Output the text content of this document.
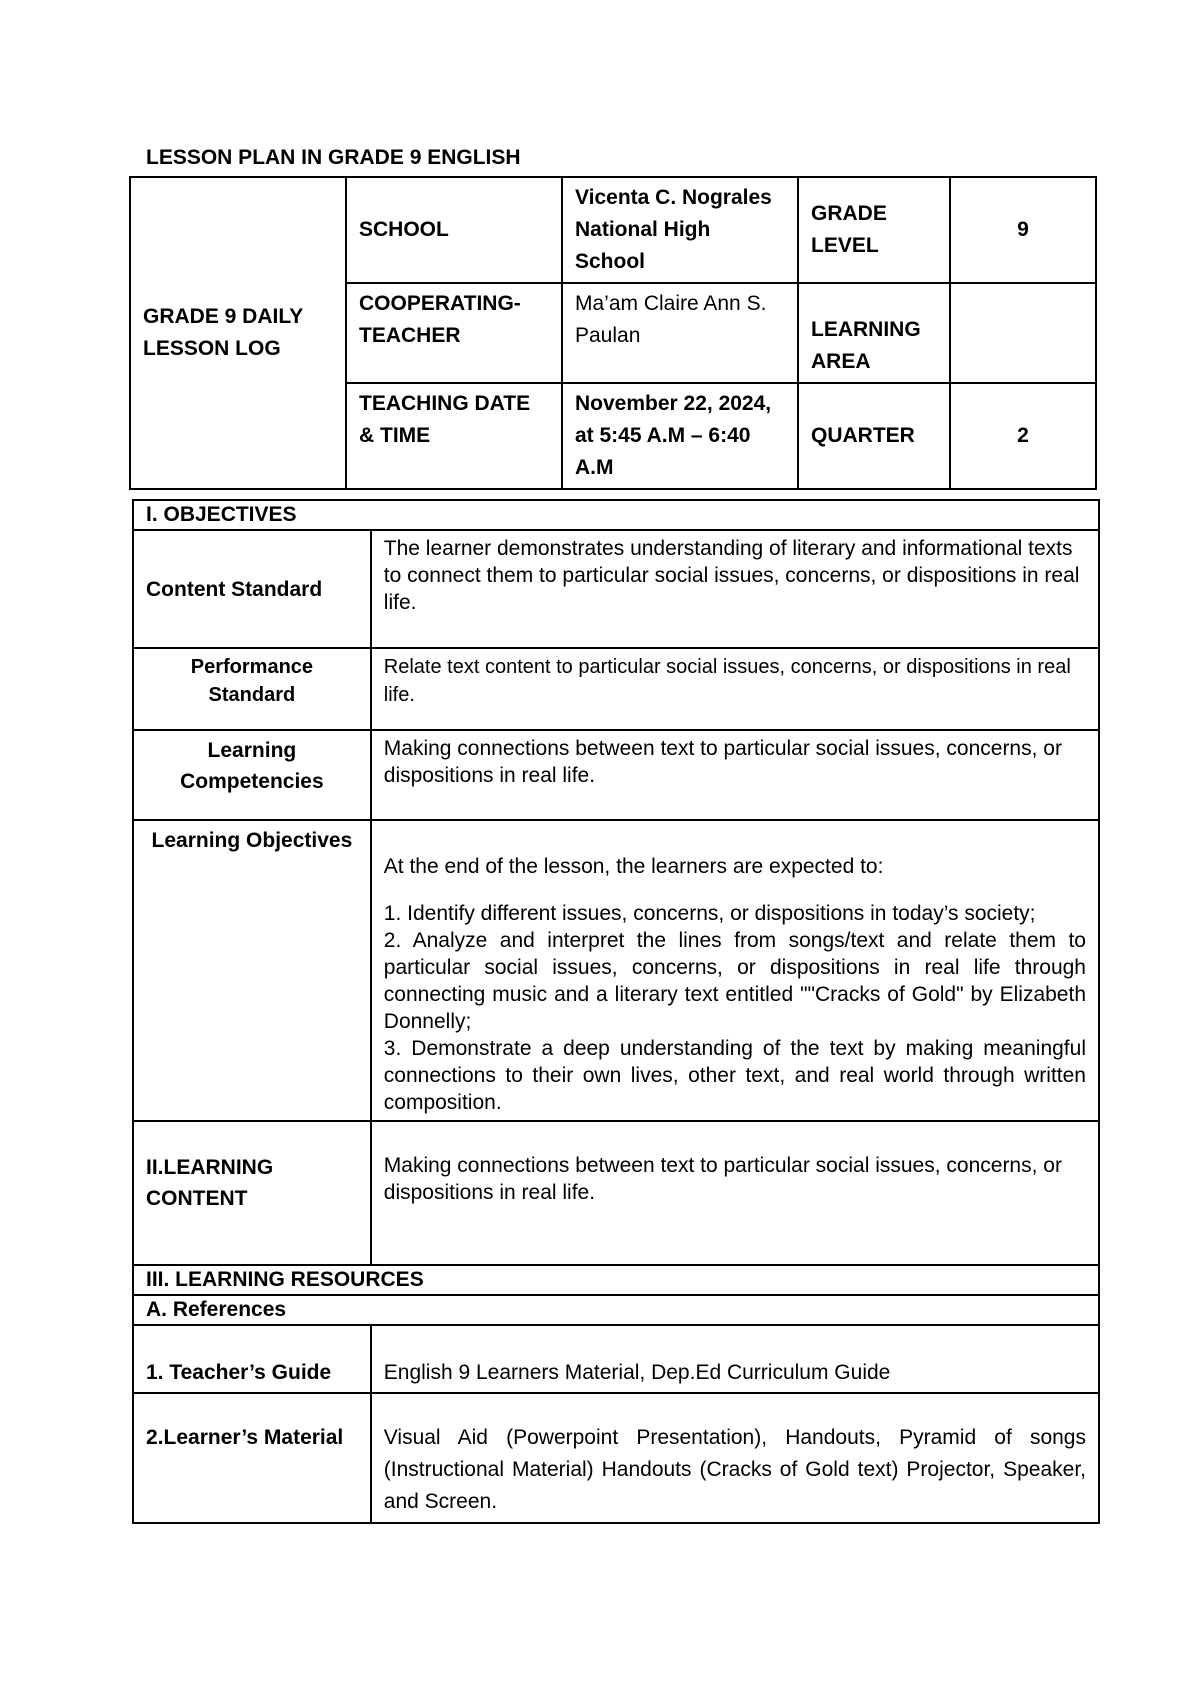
LESSON PLAN IN GRADE 9 ENGLISH
GRADE 9 DAILY LESSON LOG	SCHOOL	Vicenta C. Nograles National High School	GRADE LEVEL	9
	COOPERATING-TEACHER	Ma’am Claire Ann S. Paulan	LEARNING AREA	
	TEACHING DATE & TIME	November 22, 2024, at 5:45 A.M – 6:40 A.M	QUARTER	2
I. OBJECTIVES	
Content Standard	The learner demonstrates understanding of literary and informational texts to connect them to particular social issues, concerns, or dispositions in real life.
Performance Standard	Relate text content to particular social issues, concerns, or dispositions in real life.
Learning Competencies	Making connections between text to particular social issues, concerns, or dispositions in real life.
Learning Objectives	At the end of the lesson, the learners are expected to:

1. Identify different issues, concerns, or dispositions in today’s society;

2. Analyze and interpret the lines from songs/text and relate them to particular social issues, concerns, or dispositions in real life through connecting music and a literary text entitled ""Cracks of Gold" by Elizabeth Donnelly;

3. Demonstrate a deep understanding of the text by making meaningful connections to their own lives, other text, and real world through written composition.

II.LEARNING CONTENT	Making connections between text to particular social issues, concerns, or dispositions in real life.
III. LEARNING RESOURCES	
A. References	
1. Teacher’s Guide	English 9 Learners Material, Dep.Ed Curriculum Guide
2.Learner’s Material	Visual Aid (Powerpoint Presentation), Handouts, Pyramid of songs (Instructional Material) Handouts (Cracks of Gold text) Projector, Speaker, and Screen.
